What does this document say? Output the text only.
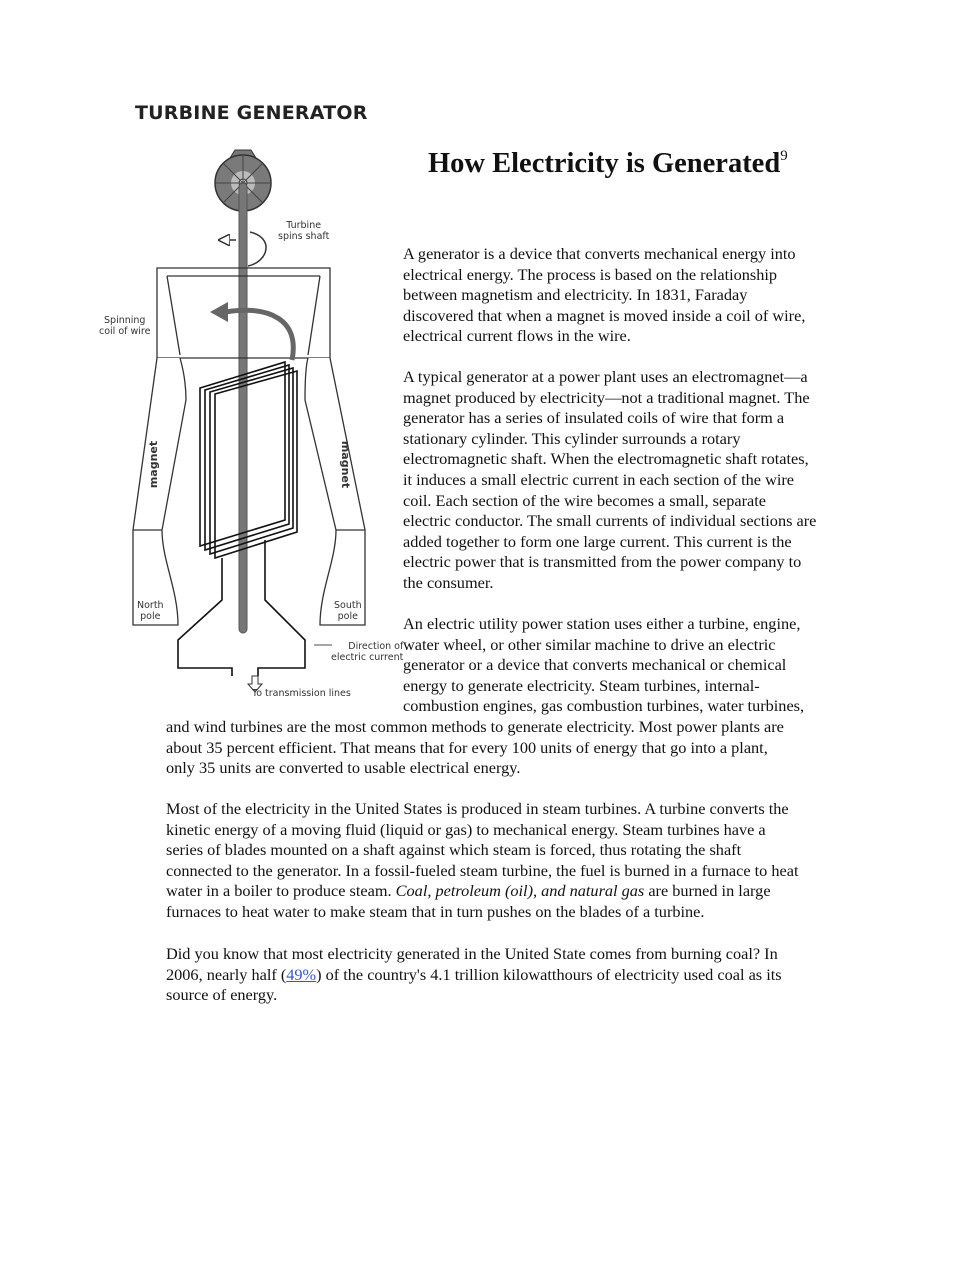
TURBINE GENERATOR
Turbine
spins shaft
Spinning
coil of wire
magnet	magnet
North
pole
South
pole
Direction of
electric current
To transmission lines
How Electricity is Generated$^9$
A generator is a device that converts mechanical energy into
electrical energy. The process is based on the relationship
between magnetism and electricity. In 1831, Faraday
discovered that when a magnet is moved inside a coil of wire,
electrical current flows in the wire.
A typical generator at a power plant uses an electromagnet—a
magnet produced by electricity—not a traditional magnet. The
generator has a series of insulated coils of wire that form a
stationary cylinder. This cylinder surrounds a rotary
electromagnetic shaft. When the electromagnetic shaft rotates,
it induces a small electric current in each section of the wire
coil. Each section of the wire becomes a small, separate
electric conductor. The small currents of individual sections are
added together to form one large current. This current is the
electric power that is transmitted from the power company to
the consumer.
An electric utility power station uses either a turbine, engine,
water wheel, or other similar machine to drive an electric
generator or a device that converts mechanical or chemical
energy to generate electricity. Steam turbines, internal-
combustion engines, gas combustion turbines, water turbines,
and wind turbines are the most common methods to generate electricity. Most power plants are
about 35 percent efficient. That means that for every 100 units of energy that go into a plant,
only 35 units are converted to usable electrical energy.
Most of the electricity in the United States is produced in steam turbines. A turbine converts the
kinetic energy of a moving fluid (liquid or gas) to mechanical energy. Steam turbines have a
series of blades mounted on a shaft against which steam is forced, thus rotating the shaft
connected to the generator. In a fossil-fueled steam turbine, the fuel is burned in a furnace to heat
water in a boiler to produce steam. Coal, petroleum (oil), and natural gas are burned in large
furnaces to heat water to make steam that in turn pushes on the blades of a turbine.
Did you know that most electricity generated in the United State comes from burning coal? In
2006, nearly half (49%) of the country's 4.1 trillion kilowatthours of electricity used coal as its
source of energy.
